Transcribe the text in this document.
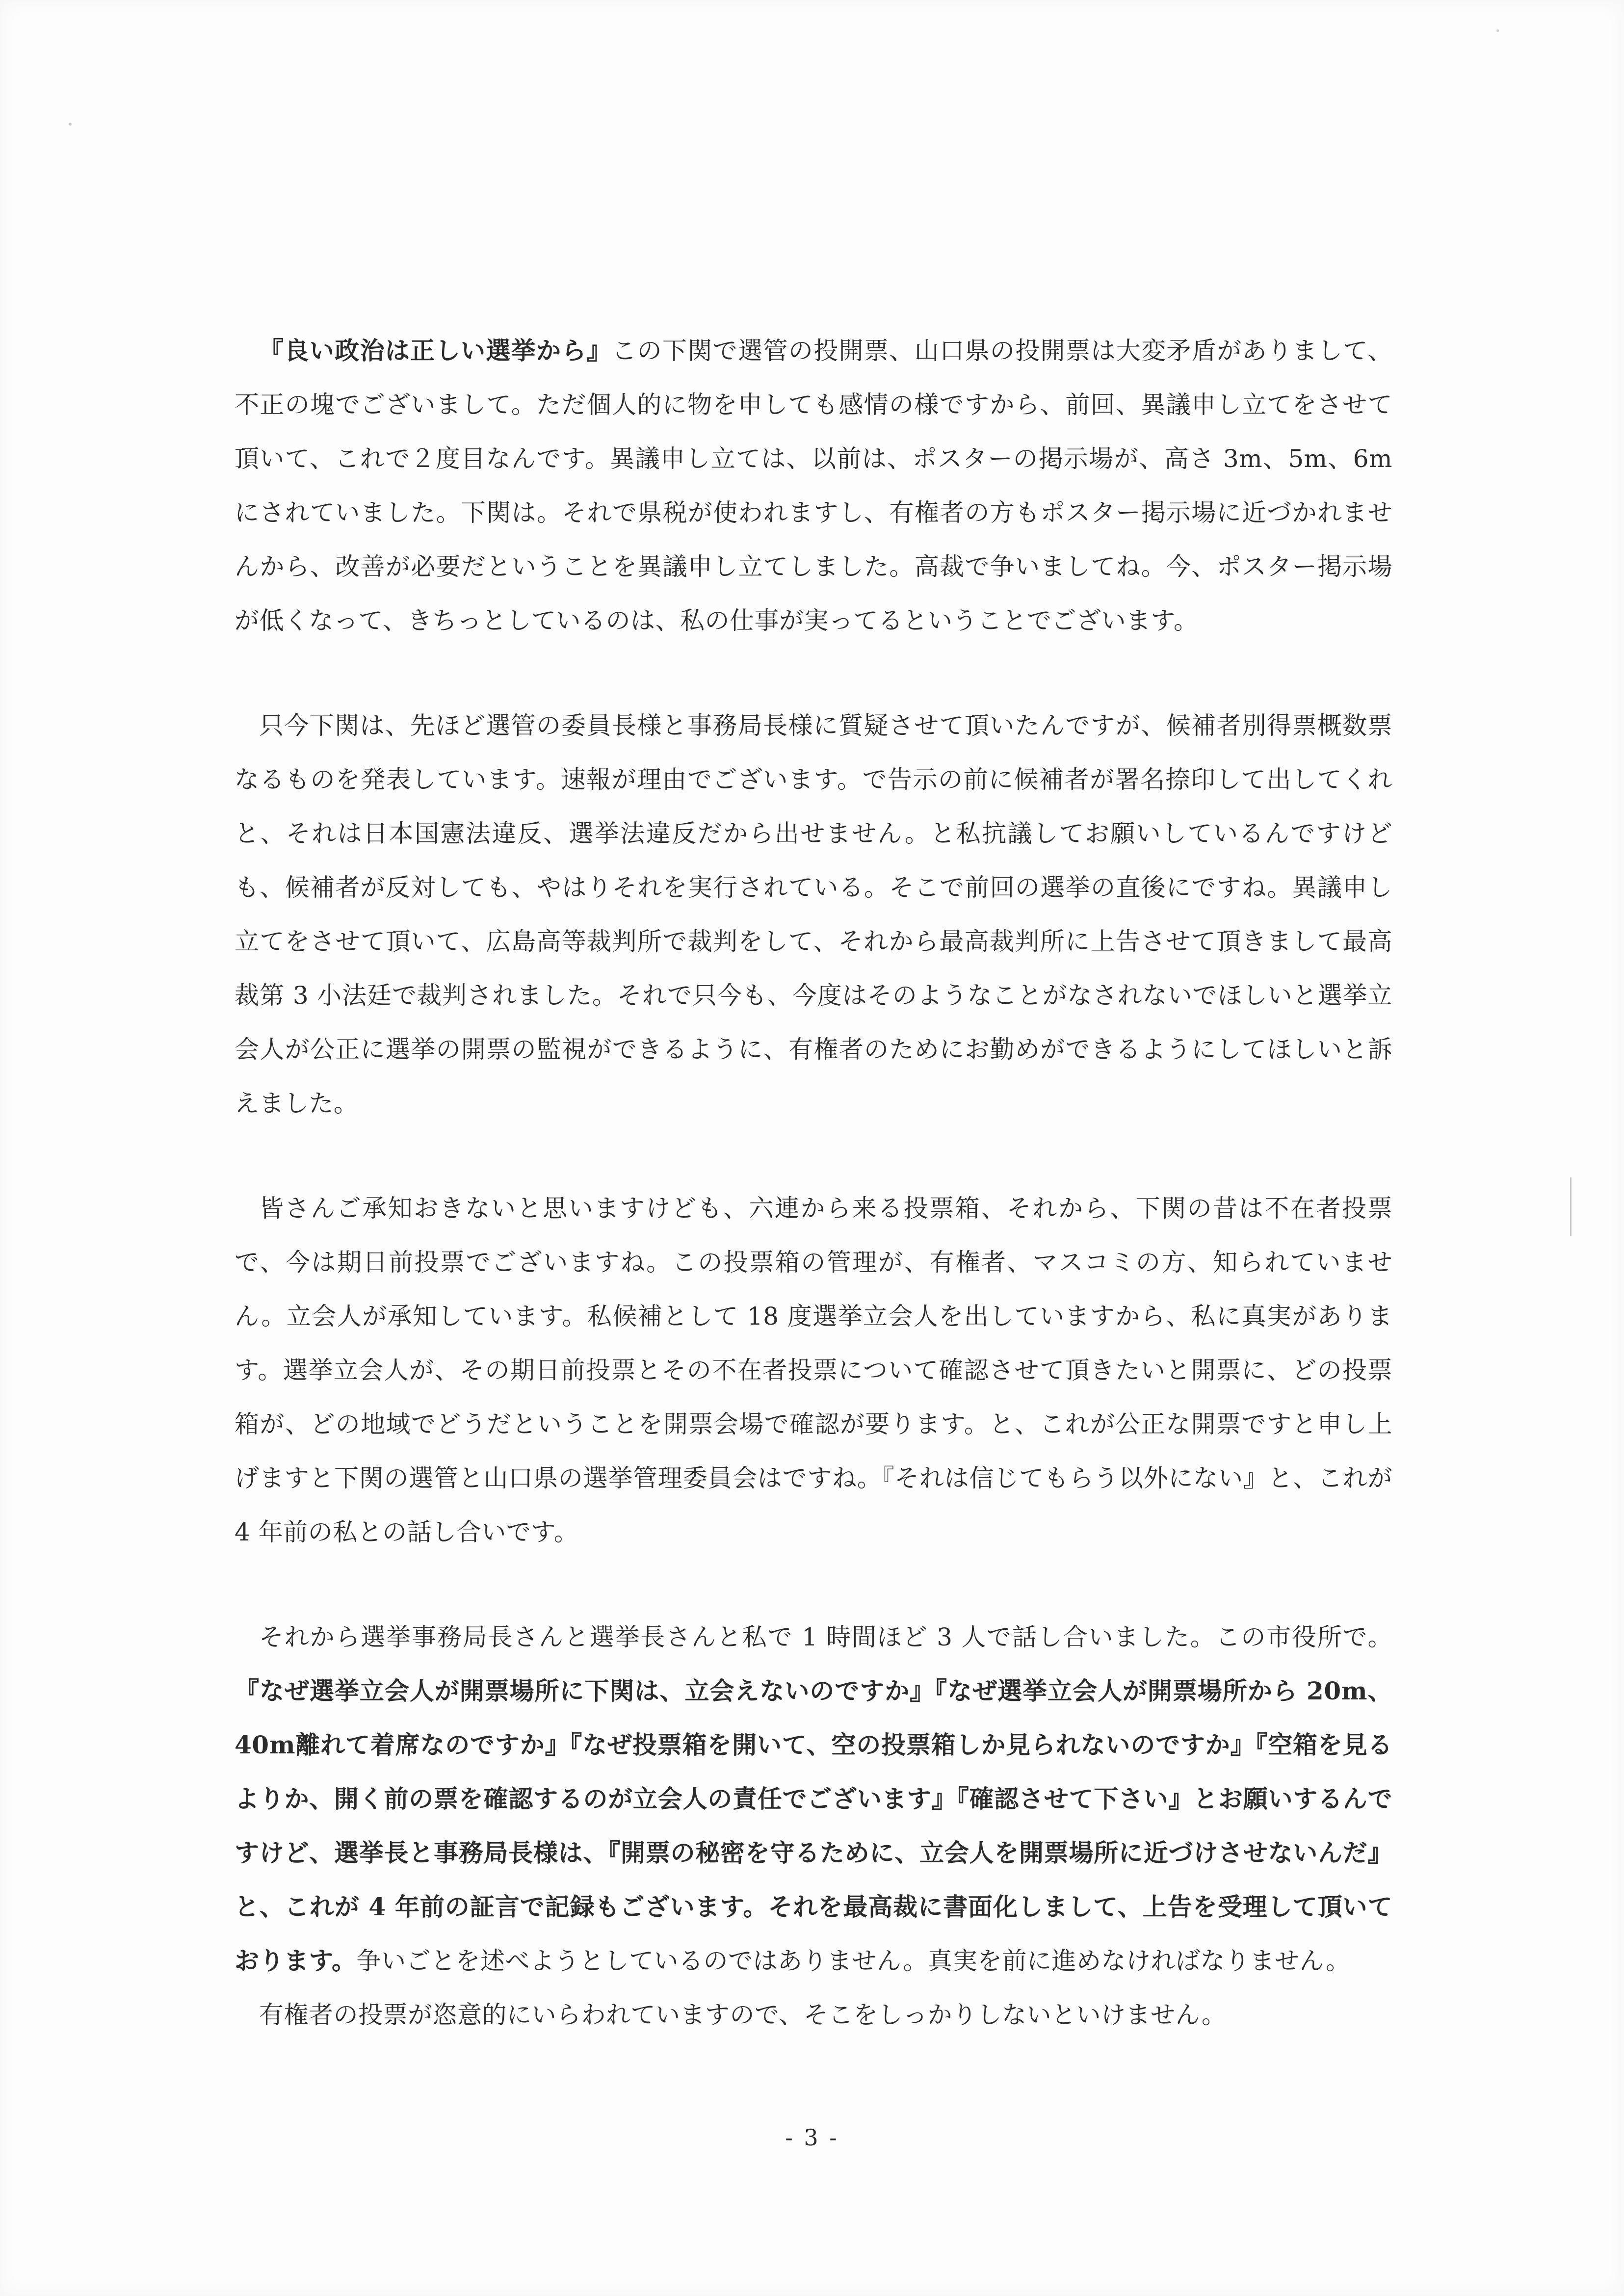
『良い政治は正しい選挙から』この下関で選管の投開票、山口県の投開票は大変矛盾がありまして、不正の塊でございまして。ただ個人的に物を申しても感情の様ですから、前回、異議申し立てをさせて頂いて、これで２度目なんです。異議申し立ては、以前は、ポスターの掲示場が、高さ 3m、5m、6mにされていました。下関は。それで県税が使われますし、有権者の方もポスター掲示場に近づかれませんから、改善が必要だということを異議申し立てしました。高裁で争いましてね。今、ポスター掲示場が低くなって、きちっとしているのは、私の仕事が実ってるということでございます。

只今下関は、先ほど選管の委員長様と事務局長様に質疑させて頂いたんですが、候補者別得票概数票なるものを発表しています。速報が理由でございます。で告示の前に候補者が署名捺印して出してくれと、それは日本国憲法違反、選挙法違反だから出せません。と私抗議してお願いしているんですけども、候補者が反対しても、やはりそれを実行されている。そこで前回の選挙の直後にですね。異議申し立てをさせて頂いて、広島高等裁判所で裁判をして、それから最高裁判所に上告させて頂きまして最高裁第 3 小法廷で裁判されました。それで只今も、今度はそのようなことがなされないでほしいと選挙立会人が公正に選挙の開票の監視ができるように、有権者のためにお勤めができるようにしてほしいと訴えました。

皆さんご承知おきないと思いますけども、六連から来る投票箱、それから、下関の昔は不在者投票で、今は期日前投票でございますね。この投票箱の管理が、有権者、マスコミの方、知られていません。立会人が承知しています。私候補として 18 度選挙立会人を出していますから、私に真実があります。選挙立会人が、その期日前投票とその不在者投票について確認させて頂きたいと開票に、どの投票箱が、どの地域でどうだということを開票会場で確認が要ります。と、これが公正な開票ですと申し上げますと下関の選管と山口県の選挙管理委員会はですね。『それは信じてもらう以外にない』と、これが 4 年前の私との話し合いです。

それから選挙事務局長さんと選挙長さんと私で 1 時間ほど 3 人で話し合いました。この市役所で。『なぜ選挙立会人が開票場所に下関は、立会えないのですか』『なぜ選挙立会人が開票場所から 20m、40m離れて着席なのですか』『なぜ投票箱を開いて、空の投票箱しか見られないのですか』『空箱を見るよりか、開く前の票を確認するのが立会人の責任でございます』『確認させて下さい』とお願いするんですけど、選挙長と事務局長様は、『開票の秘密を守るために、立会人を開票場所に近づけさせないんだ』と、これが 4 年前の証言で記録もございます。それを最高裁に書面化しまして、上告を受理して頂いております。争いごとを述べようとしているのではありません。真実を前に進めなければなりません。

有権者の投票が恣意的にいらわれていますので、そこをしっかりしないといけません。

- 3 -
